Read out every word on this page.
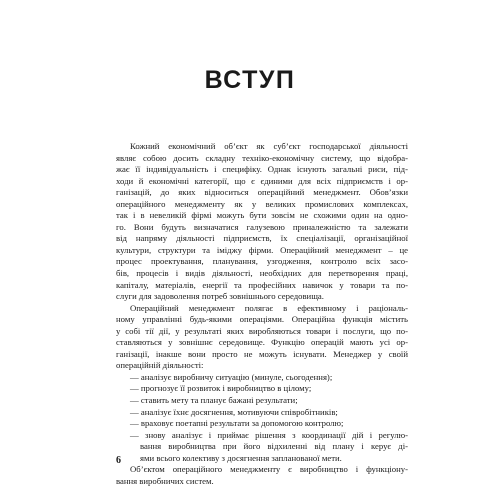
ВСТУП
Кожний економічний об’єкт як суб’єкт господарської діяльності
являє собою досить складну техніко-економічну систему, що відобра-
жає її індивідуальність і специфіку. Однак існують загальні риси, під-
ходи й економічні категорії, що є єдиними для всіх підприємств і ор-
ганізацій, до яких відноситься операційний менеджмент. Обов’язки
операційного менеджменту як у великих промислових комплексах,
так і в невеликій фірмі можуть бути зовсім не схожими один на одно-
го. Вони будуть визначатися галузевою приналежністю та залежати
від напряму діяльності підприємств, їх спеціалізації, організаційної
культури, структури та іміджу фірми. Операційний менеджмент – це
процес проектування, планування, узгодження, контролю всіх засо-
бів, процесів і видів діяльності, необхідних для перетворення праці,
капіталу, матеріалів, енергії та професійних навичок у товари та по-
слуги для задоволення потреб зовнішнього середовища.
Операційний менеджмент полягає в ефективному і раціональ-
ному управлінні будь-якими операціями. Операційна функція містить
у собі тії дії, у результаті яких виробляються товари і послуги, що по-
ставляються у зовнішнє середовище. Функцію операцій мають усі ор-
ганізації, інакше вони просто не можуть існувати. Менеджер у своїй
операційній діяльності:
— аналізує виробничу ситуацію (минуле, сьогодення);
— прогнозує її розвиток і виробництво в цілому;
— ставить мету та планує бажані результати;
— аналізує їхнє досягнення, мотивуючи співробітників;
— враховує поетапні результати за допомогою контролю;
— знову аналізує і приймає рішення з координації дій і регулю-
вання виробництва при його відхиленні від плану і керує ді-
ями всього колективу з досягнення запланованої мети.
Об’єктом операційного менеджменту є виробництво і функціону-
вання виробничих систем.
6
